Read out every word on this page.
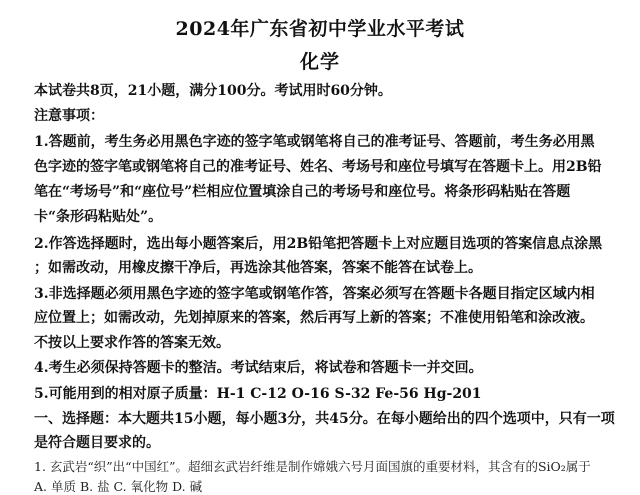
2024年广东省初中学业水平考试
化学
本试卷共8页，21小题，满分100分。考试用时60分钟。
注意事项：
1.答题前，考生务必用黑色字迹的签字笔或钢笔将自己的准考证号、答题前，考生务必用黑
色字迹的签字笔或钢笔将自己的准考证号、姓名、考场号和座位号填写在答题卡上。用2B铅
笔在“考场号”和“座位号”栏相应位置填涂自己的考场号和座位号。将条形码粘贴在答题
卡“条形码粘贴处”。
2.作答选择题时，选出每小题答案后，用2B铅笔把答题卡上对应题目选项的答案信息点涂黑
；如需改动，用橡皮擦干净后，再选涂其他答案，答案不能答在试卷上。
3.非选择题必须用黑色字迹的签字笔或钢笔作答，答案必须写在答题卡各题目指定区域内相
应位置上；如需改动，先划掉原来的答案，然后再写上新的答案；不准使用铅笔和涂改液。
不按以上要求作答的答案无效。
4.考生必须保持答题卡的整洁。考试结束后，将试卷和答题卡一并交回。
5.可能用到的相对原子质量：H-1 C-12 O-16 S-32 Fe-56 Hg-201
一、选择题：本大题共15小题，每小题3分，共45分。在每小题给出的四个选项中，只有一项
是符合题目要求的。
1. 玄武岩“织”出“中国红”。超细玄武岩纤维是制作嫦娥六号月面国旗的重要材料，其含有的SiO₂属于
A. 单质 B. 盐 C. 氧化物 D. 碱
